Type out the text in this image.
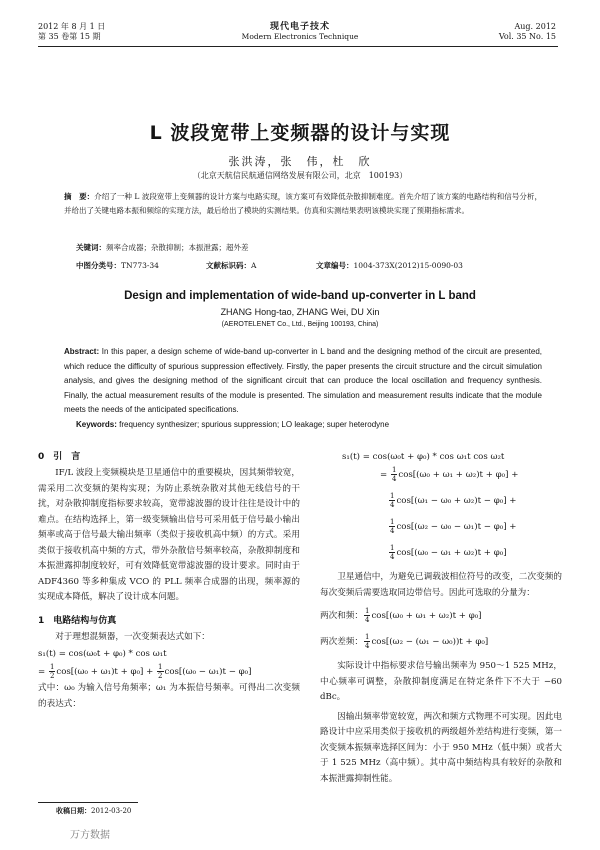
2012 年 8 月 1 日
第 35 卷第 15 期
现代电子技术
Modern Electronics Technique
Aug. 2012
Vol. 35 No. 15
L 波段宽带上变频器的设计与实现
张洪涛，张　伟，杜　欣
（北京天航信民航通信网络发展有限公司，北京　100193）
摘　要：介绍了一种 L 波段宽带上变频器的设计方案与电路实现，该方案可有效降低杂散抑制难度。首先介绍了该方案的电路结构和信号分析，并给出了关键电路本振和频综的实现方法，最后给出了模块的实测结果。仿真和实测结果表明该模块实现了预期指标需求。
关键词：频率合成器；杂散抑制；本振泄露；超外差
中图分类号：TN773-34	文献标识码：A	文章编号：1004-373X(2012)15-0090-03
Design and implementation of wide-band up-converter in L band
ZHANG Hong-tao, ZHANG Wei, DU Xin
(AEROTELENET Co., Ltd., Beijing 100193, China)
Abstract: In this paper, a design scheme of wide-band up-converter in L band and the designing method of the circuit are presented, which reduce the difficulty of spurious suppression effectively. Firstly, the paper presents the circuit structure and the circuit simulation analysis, and gives the designing method of the significant circuit that can produce the local oscillation and frequency synthesis. Finally, the actual measurement results of the module is presented. The simulation and measurement results indicate that the module meets the needs of the anticipated specifications.
Keywords: frequency synthesizer; spurious suppression; LO leakage; super heterodyne
0　引　言

IF/L 波段上变频模块是卫星通信中的重要模块，因其频带较宽，需采用二次变频的架构实现；为防止系统杂散对其他无线信号的干扰，对杂散抑制度指标要求较高，宽带滤波器的设计往往是设计中的难点。在结构选择上，第一级变频输出信号可采用低于信号最小输出频率或高于信号最大输出频率（类似于接收机高中频）的方式。采用类似于接收机高中频的方式，带外杂散信号频率较高，杂散抑制度和本振泄露抑制度较好，可有效降低宽带滤波器的设计要求。同时由于 ADF4360 等多种集成 VCO 的 PLL 频率合成器的出现，频率源的实现成本降低，解决了设计成本问题。

1　电路结构与仿真

对于理想混频器，一次变频表达式如下：

s₁(t) = cos(ω₀t + φ₀) * cos ω₁t
= $\frac{1}{2} \cos[(\omega_0 + \omega_1)t + \varphi_0] + \frac{1}{2} \cos[(\omega_0 - \omega_1)t - \varphi_0]$

式中：ω₀ 为输入信号角频率；ω₁ 为本振信号频率。可得出二次变频的表达式：

s₁(t) = cos(ω₀t + φ₀) * cos ω₁t cos ω₂t
= $\frac{1}{4} \cos[(\omega_0 + \omega_1 + \omega_2)t + \varphi_0]$ +
$\frac{1}{4} \cos[(\omega_1 - \omega_0 + \omega_2)t - \varphi_0]$ +
$\frac{1}{4} \cos[(\omega_2 - \omega_0 - \omega_1)t - \varphi_0]$ +
$\frac{1}{4} \cos[(\omega_0 - \omega_1 + \omega_2)t + \varphi_0]$

卫星通信中，为避免已调载波相位符号的改变，二次变频的每次变频后需要选取同边带信号。因此可选取的分量为：

两次和频： $\frac{1}{4} \cos[(\omega_0 + \omega_1 + \omega_2)t + \varphi_0]$
两次差频： $\frac{1}{4} \cos[(\omega_2 - (\omega_1 - \omega_0))t + \varphi_0]$

实际设计中指标要求信号输出频率为 950～1 525 MHz，中心频率可调整，杂散抑制度满足在特定条件下不大于 −60 dBc。

因输出频率带宽较宽，两次和频方式物理不可实现。因此电路设计中应采用类似于接收机的两级超外差结构进行变频，第一次变频本振频率选择区间为：小于 950 MHz（低中频）或者大于 1 525 MHz（高中频）。其中高中频结构具有较好的杂散和本振泄露抑制性能。

收稿日期：2012-03-20
万方数据
